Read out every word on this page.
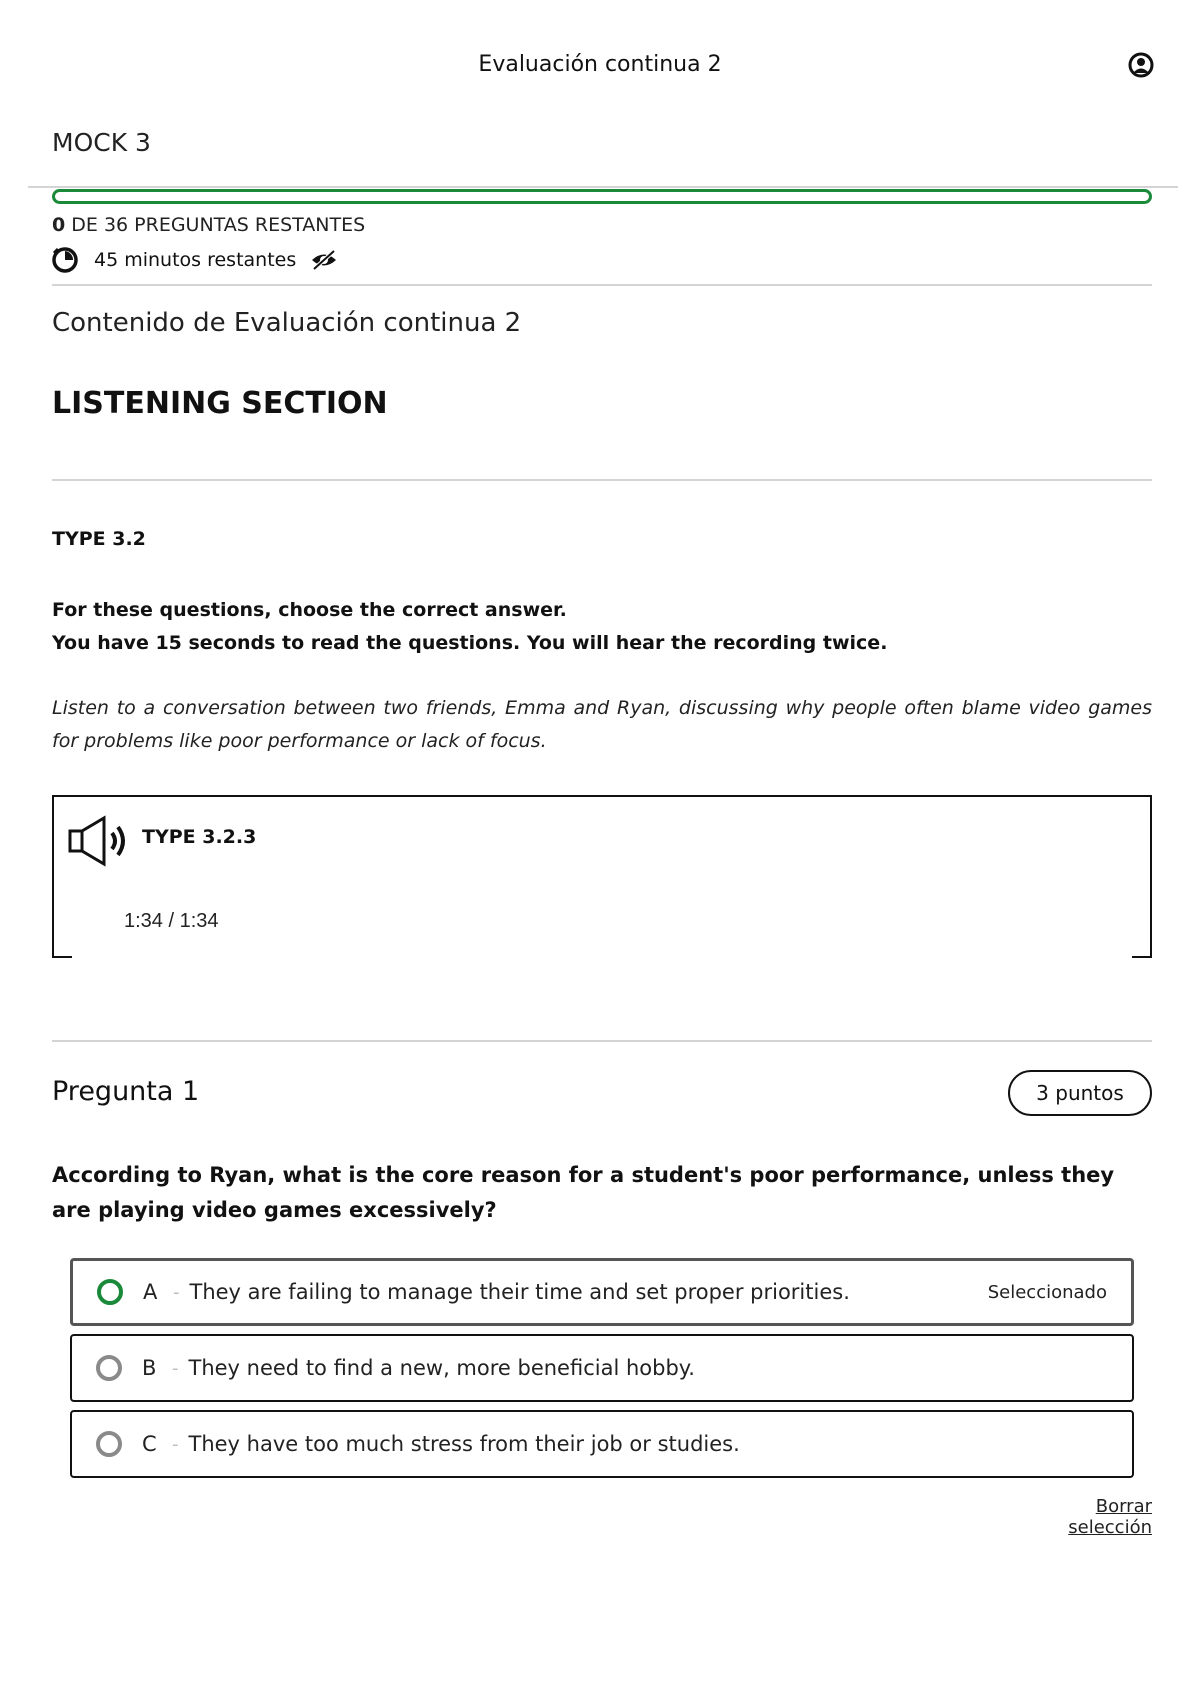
Evaluación continua 2
MOCK 3
0 DE 36 PREGUNTAS RESTANTES
45 minutos restantes
Contenido de Evaluación continua 2
LISTENING SECTION
TYPE 3.2
For these questions, choose the correct answer.
You have 15 seconds to read the questions. You will hear the recording twice.
Listen to a conversation between two friends, Emma and Ryan, discussing why people often blame video games for problems like poor performance or lack of focus.
TYPE 3.2.3
1:34 / 1:34
Pregunta 1	3 puntos
According to Ryan, what is the core reason for a student's poor performance, unless they are playing video games excessively?
A - They are failing to manage their time and set proper priorities.	Seleccionado
B - They need to find a new, more beneficial hobby.
C - They have too much stress from their job or studies.
Borrar selección
